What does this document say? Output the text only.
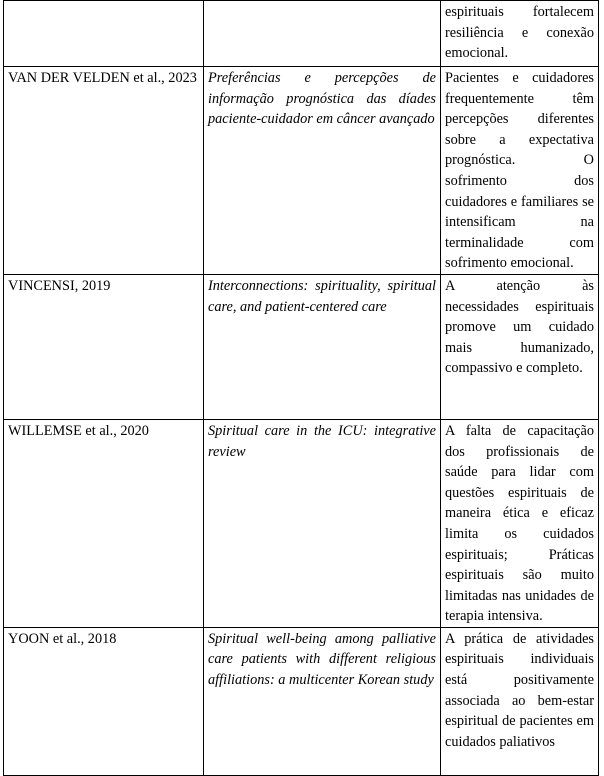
		espirituais fortalecem resiliência e conexão emocional.
VAN DER VELDEN et al., 2023	Preferências e percepções de informação prognóstica das díades paciente-cuidador em câncer avançado	Pacientes e cuidadores frequentemente têm percepções diferentes sobre a expectativa prognóstica. O sofrimento dos cuidadores e familiares se intensificam na terminalidade com sofrimento emocional.
VINCENSI, 2019	Interconnections: spirituality, spiritual care, and patient-centered care	A atenção às necessidades espirituais promove um cuidado mais humanizado, compassivo e completo.
WILLEMSE et al., 2020	Spiritual care in the ICU: integrative review	A falta de capacitação dos profissionais de saúde para lidar com questões espirituais de maneira ética e eficaz limita os cuidados espirituais; Práticas espirituais são muito limitadas nas unidades de terapia intensiva.
YOON et al., 2018	Spiritual well-being among palliative care patients with different religious affiliations: a multicenter Korean study	A prática de atividades espirituais individuais está positivamente associada ao bem-estar espiritual de pacientes em cuidados paliativos
